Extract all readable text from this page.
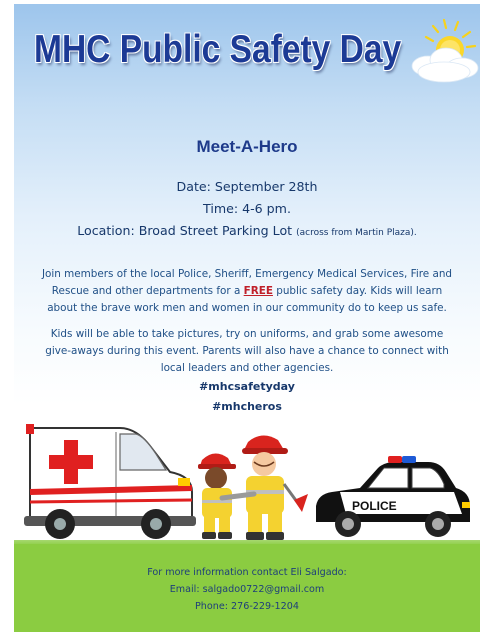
MHC Public Safety Day
Meet-A-Hero
Date: September 28th
Time: 4-6 pm.
Location: Broad Street Parking Lot (across from Martin Plaza).

Join members of the local Police, Sheriff, Emergency Medical Services, Fire and Rescue and other departments for a FREE public safety day. Kids will learn about the brave work men and women in our community do to keep us safe.

Kids will be able to take pictures, try on uniforms, and grab some awesome give-aways during this event. Parents will also have a chance to connect with local leaders and other agencies.

#mhcsafetyday
#mhcheros
POLICE
For more information contact Eli Salgado:
Email: salgado0722@gmail.com
Phone: 276-229-1204
